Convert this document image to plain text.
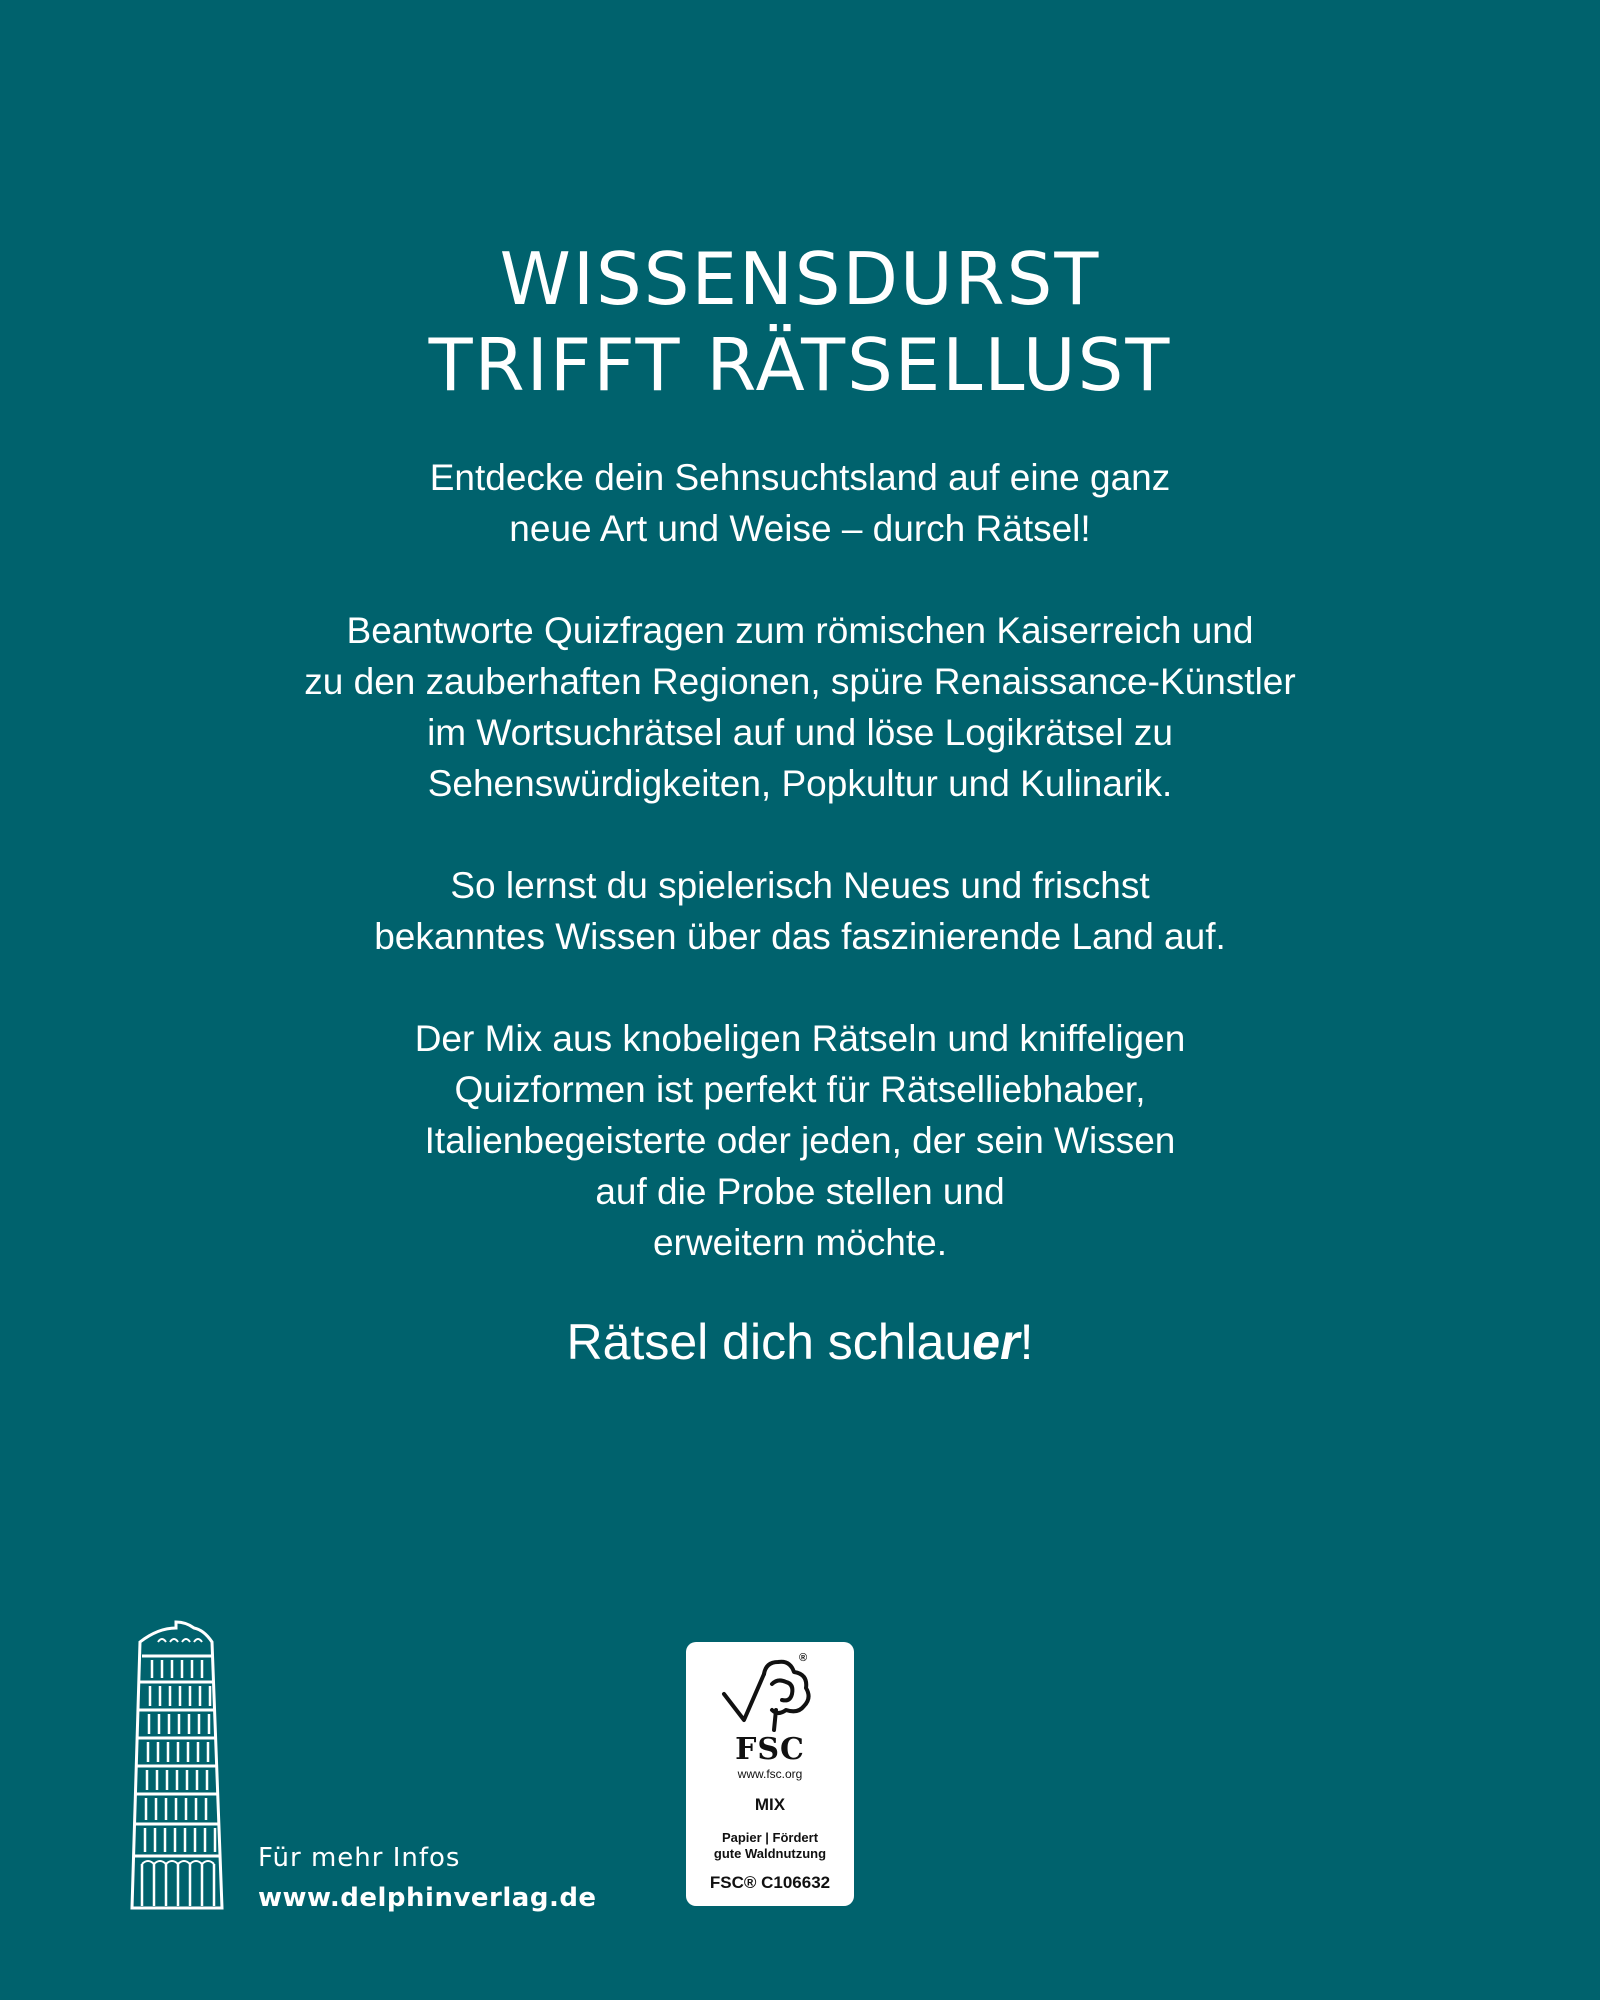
WISSENSDURST
TRIFFT RÄTSELLUST

Entdecke dein Sehnsuchtsland auf eine ganz
neue Art und Weise – durch Rätsel!

Beantworte Quizfragen zum römischen Kaiserreich und
zu den zauberhaften Regionen, spüre Renaissance-Künstler
im Wortsuchrätsel auf und löse Logikrätsel zu
Sehenswürdigkeiten, Popkultur und Kulinarik.

So lernst du spielerisch Neues und frischst
bekanntes Wissen über das faszinierende Land auf.

Der Mix aus knobeligen Rätseln und kniffeligen
Quizformen ist perfekt für Rätselliebhaber,
Italienbegeisterte oder jeden, der sein Wissen
auf die Probe stellen und
erweitern möchte.

Rätsel dich schlauer!
Für mehr Infos
www.delphinverlag.de
®
FSC
www.fsc.org
MIX
Papier | Fördert
gute Waldnutzung
FSC® C106632
